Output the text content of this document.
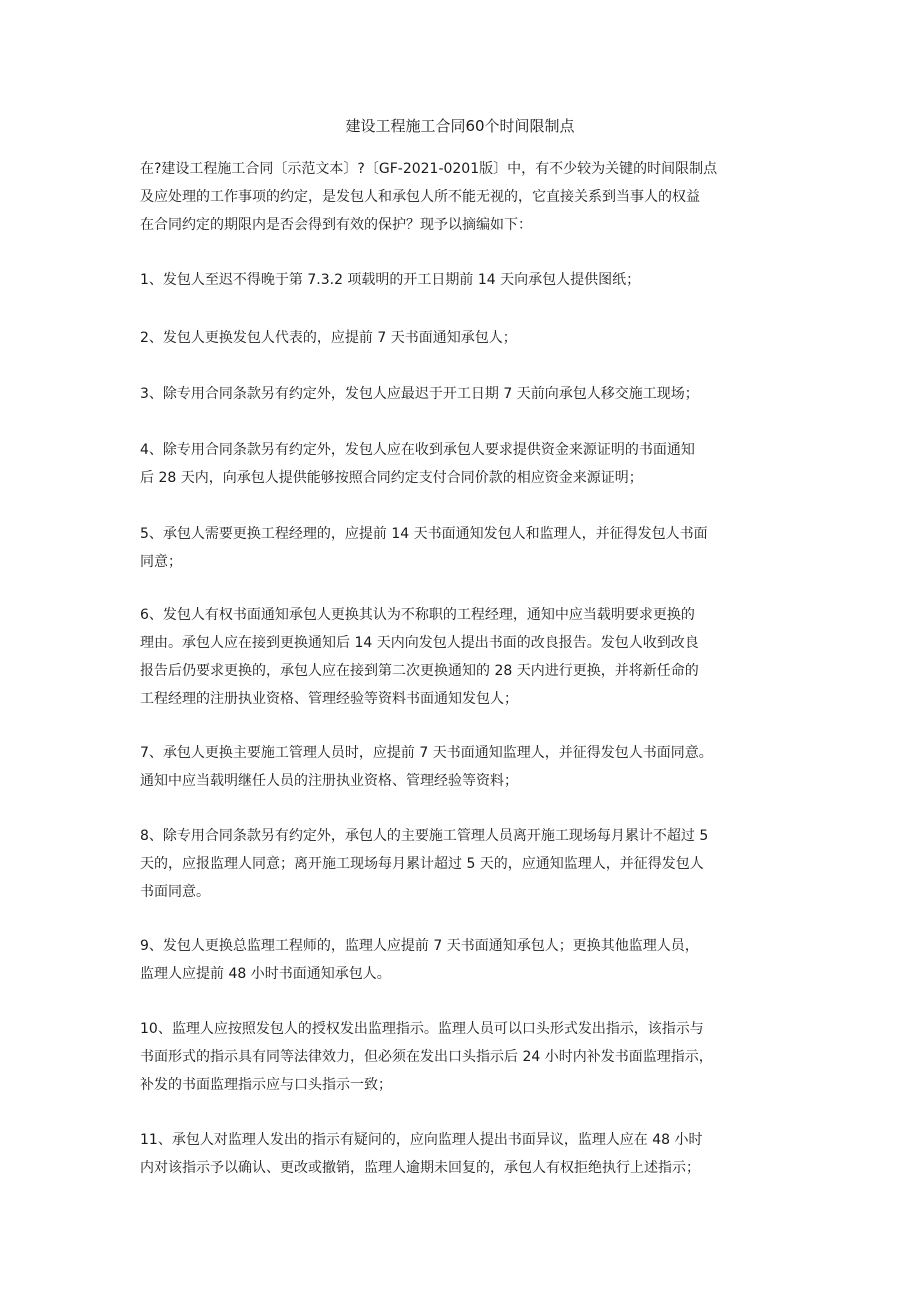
建设工程施工合同60个时间限制点
在?建设工程施工合同〔示范文本〕?〔GF-2021-0201版〕中，有不少较为关键的时间限制点
及应处理的工作事项的约定，是发包人和承包人所不能无视的，它直接关系到当事人的权益
在合同约定的期限内是否会得到有效的保护？现予以摘编如下：
1、发包人至迟不得晚于第 7.3.2 项载明的开工日期前 14 天向承包人提供图纸；
2、发包人更换发包人代表的，应提前 7 天书面通知承包人；
3、除专用合同条款另有约定外，发包人应最迟于开工日期 7 天前向承包人移交施工现场；
4、除专用合同条款另有约定外，发包人应在收到承包人要求提供资金来源证明的书面通知
后 28 天内，向承包人提供能够按照合同约定支付合同价款的相应资金来源证明；
5、承包人需要更换工程经理的，应提前 14 天书面通知发包人和监理人，并征得发包人书面
同意；
6、发包人有权书面通知承包人更换其认为不称职的工程经理，通知中应当载明要求更换的
理由。承包人应在接到更换通知后 14 天内向发包人提出书面的改良报告。发包人收到改良
报告后仍要求更换的，承包人应在接到第二次更换通知的 28 天内进行更换，并将新任命的
工程经理的注册执业资格、管理经验等资料书面通知发包人；
7、承包人更换主要施工管理人员时，应提前 7 天书面通知监理人，并征得发包人书面同意。
通知中应当载明继任人员的注册执业资格、管理经验等资料；
8、除专用合同条款另有约定外，承包人的主要施工管理人员离开施工现场每月累计不超过 5
天的，应报监理人同意；离开施工现场每月累计超过 5 天的，应通知监理人，并征得发包人
书面同意。
9、发包人更换总监理工程师的，监理人应提前 7 天书面通知承包人；更换其他监理人员，
监理人应提前 48 小时书面通知承包人。
10、监理人应按照发包人的授权发出监理指示。监理人员可以口头形式发出指示，该指示与
书面形式的指示具有同等法律效力，但必须在发出口头指示后 24 小时内补发书面监理指示，
补发的书面监理指示应与口头指示一致；
11、承包人对监理人发出的指示有疑问的，应向监理人提出书面异议，监理人应在 48 小时
内对该指示予以确认、更改或撤销，监理人逾期未回复的，承包人有权拒绝执行上述指示；
